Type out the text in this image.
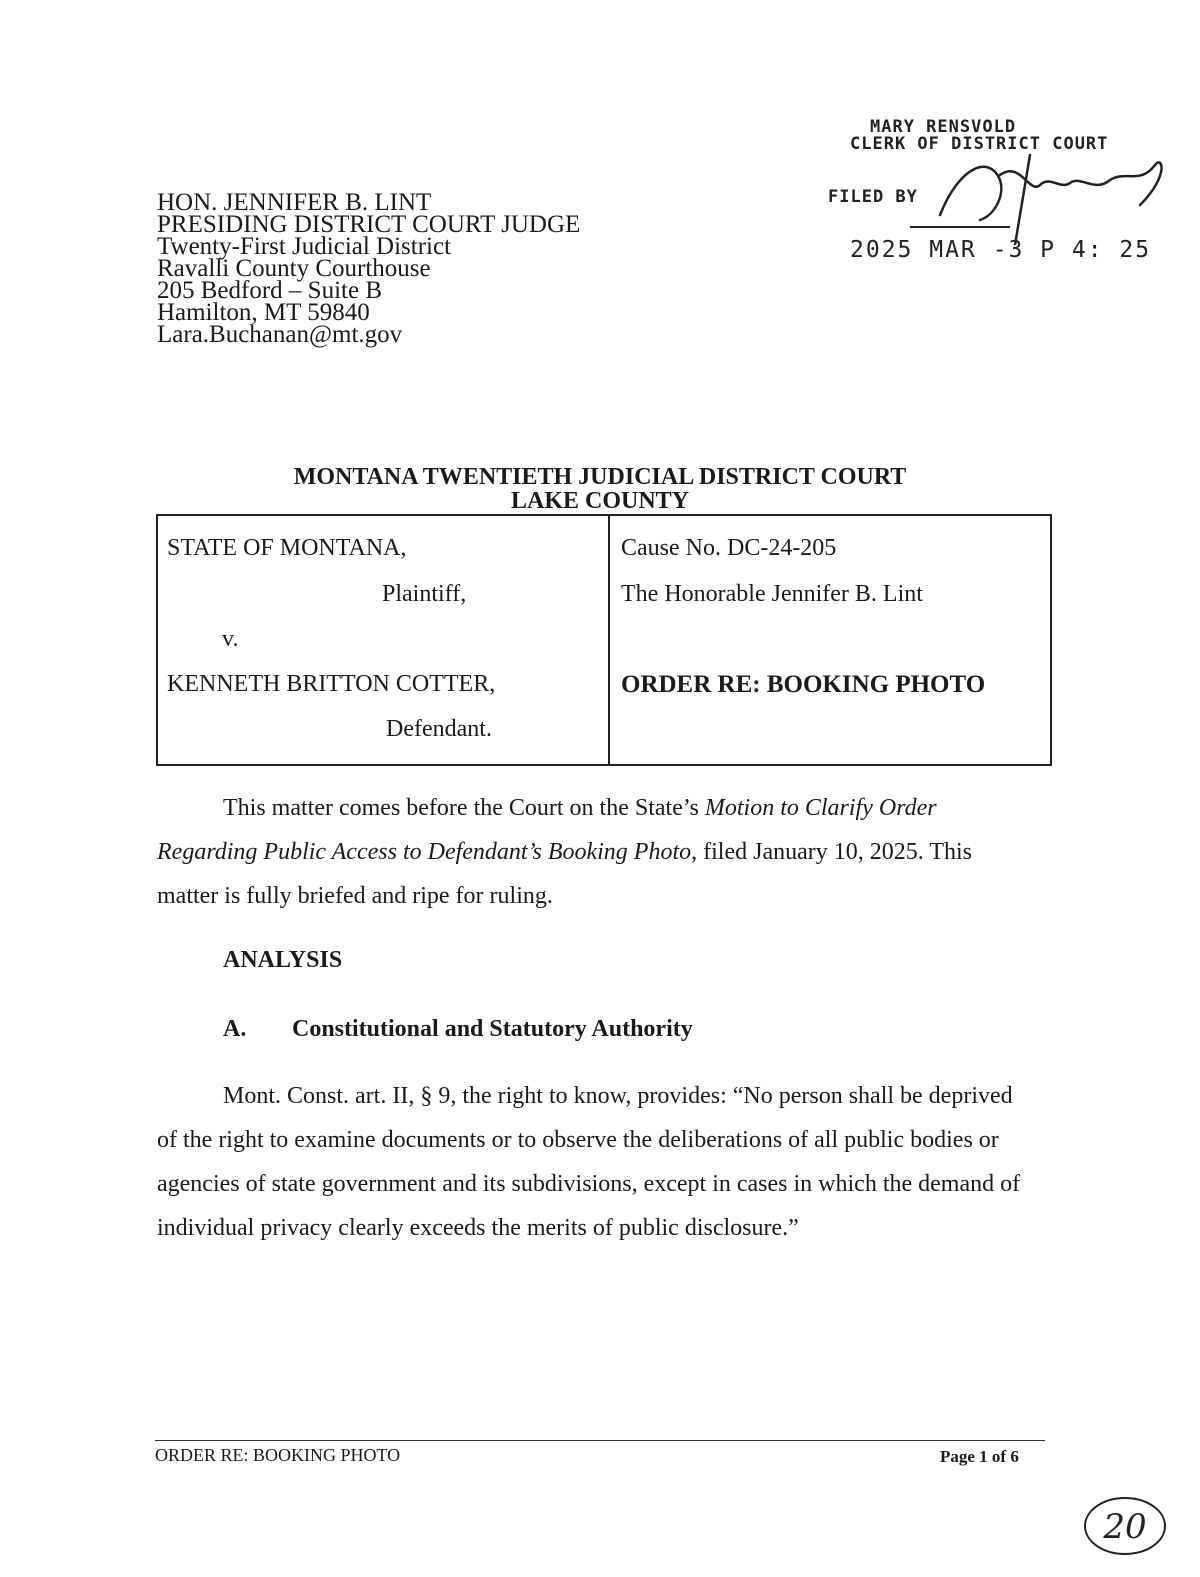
HON. JENNIFER B. LINT
PRESIDING DISTRICT COURT JUDGE
Twenty-First Judicial District
Ravalli County Courthouse
205 Bedford – Suite B
Hamilton, MT 59840
Lara.Buchanan@mt.gov
MARY RENSVOLD
CLERK OF DISTRICT COURT
FILED BY
2025 MAR -3 P 4: 25
MONTANA TWENTIETH JUDICIAL DISTRICT COURT
LAKE COUNTY
STATE OF MONTANA,
Plaintiff,
v.
KENNETH BRITTON COTTER,
Defendant.
Cause No. DC-24-205
The Honorable Jennifer B. Lint
ORDER RE: BOOKING PHOTO
This matter comes before the Court on the State’s Motion to Clarify Order Regarding Public Access to Defendant’s Booking Photo, filed January 10, 2025. This matter is fully briefed and ripe for ruling.
ANALYSIS
A. Constitutional and Statutory Authority
Mont. Const. art. II, § 9, the right to know, provides: “No person shall be deprived of the right to examine documents or to observe the deliberations of all public bodies or agencies of state government and its subdivisions, except in cases in which the demand of individual privacy clearly exceeds the merits of public disclosure.”
ORDER RE: BOOKING PHOTO	Page 1 of 6
20
